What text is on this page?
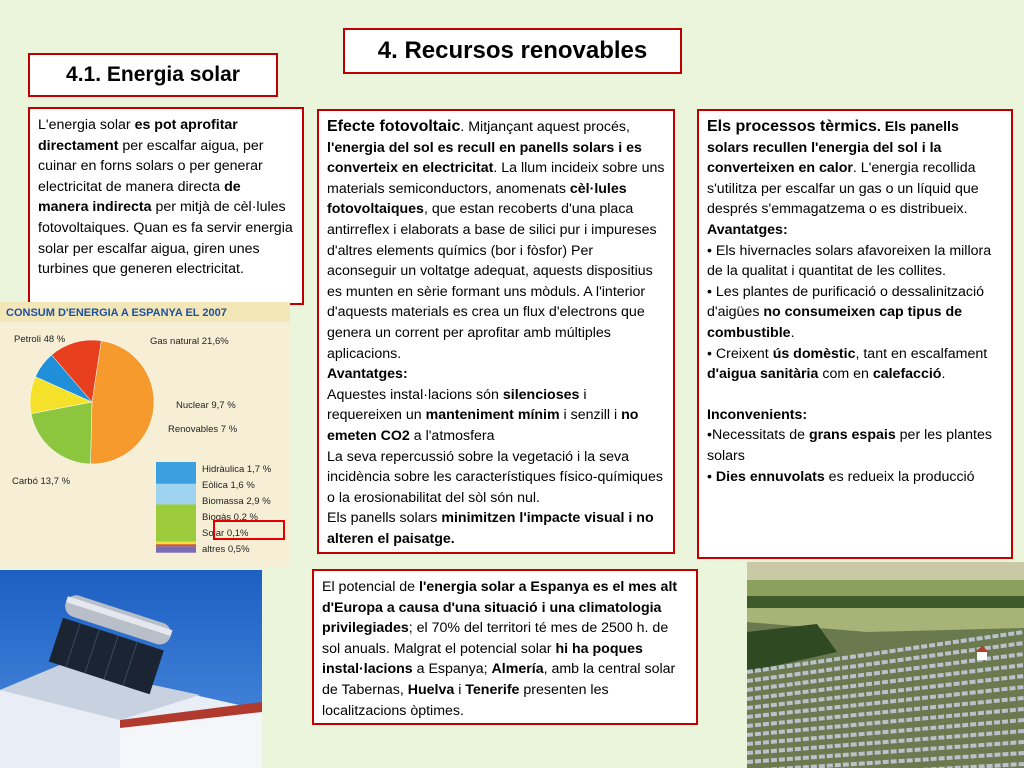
4. Recursos renovables
4.1. Energia solar
L'energia solar es pot aprofitar directament per escalfar aigua, per cuinar en forns solars o per generar electricitat de manera directa de manera indirecta per mitjà de cèl·lules fotovoltaiques. Quan es fa servir energia solar per escalfar aigua, giren unes turbines que generen electricitat.
Efecte fotovoltaic. Mitjançant aquest procés, l'energia del sol es recull en panells solars i es converteix en electricitat. La llum incideix sobre uns materials semiconductors, anomenats cèl·lules fotovoltaiques, que estan recoberts d'una placa antirreflex i elaborats a base de silici pur i impureses d'altres elements químics (bor i fòsfor) Per aconseguir un voltatge adequat, aquests dispositius es munten en sèrie formant uns mòduls. A l'interior d'aquests materials es crea un flux d'electrons que genera un corrent per aprofitar amb múltiples aplicacions.
Avantatges:
Aquestes instal·lacions són silencioses i requereixen un manteniment mínim i senzill i no emeten CO2 a l'atmosfera
La seva repercussió sobre la vegetació i la seva incidència sobre les característiques físico-químiques o la erosionabilitat del sòl són nul.
Els panells solars minimitzen l'impacte visual i no alteren el paisatge.
Els processos tèrmics. Els panells solars recullen l'energia del sol i la converteixen en calor. L'energia recollida s'utilitza per escalfar un gas o un líquid que després s'emmagatzema o es distribueix.
Avantatges:
• Els hivernacles solars afavoreixen la millora de la qualitat i quantitat de les collites.
• Les plantes de purificació o dessalinització d'aigües no consumeixen cap tipus de combustible.
• Creixent ús domèstic, tant en escalfament d'aigua sanitària com en calefacció.
Inconvenients:
•Necessitats de grans espais per les plantes solars
• Dies ennuvolats es redueix la producció
El potencial de l'energia solar a Espanya es el mes alt d'Europa a causa d'una situació i una climatologia privilegiades; el 70% del territori té mes de 2500 h. de sol anuals. Malgrat el potencial solar hi ha poques instal·lacions a Espanya; Almería, amb la central solar de Tabernas, Huelva i Tenerife presenten les localitzacions òptimes.
CONSUM D'ENERGIA A ESPANYA EL 2007
Petroli 48 %	Gas natural 21,6%
Nuclear 9,7 %
Renovables 7 %
Carbó 13,7 %
Hidràulica 1,7 %
Eòlica 1,6 %
Biomassa 2,9 %
Biogàs 0,2 %
Solar 0,1%
altres 0,5%
